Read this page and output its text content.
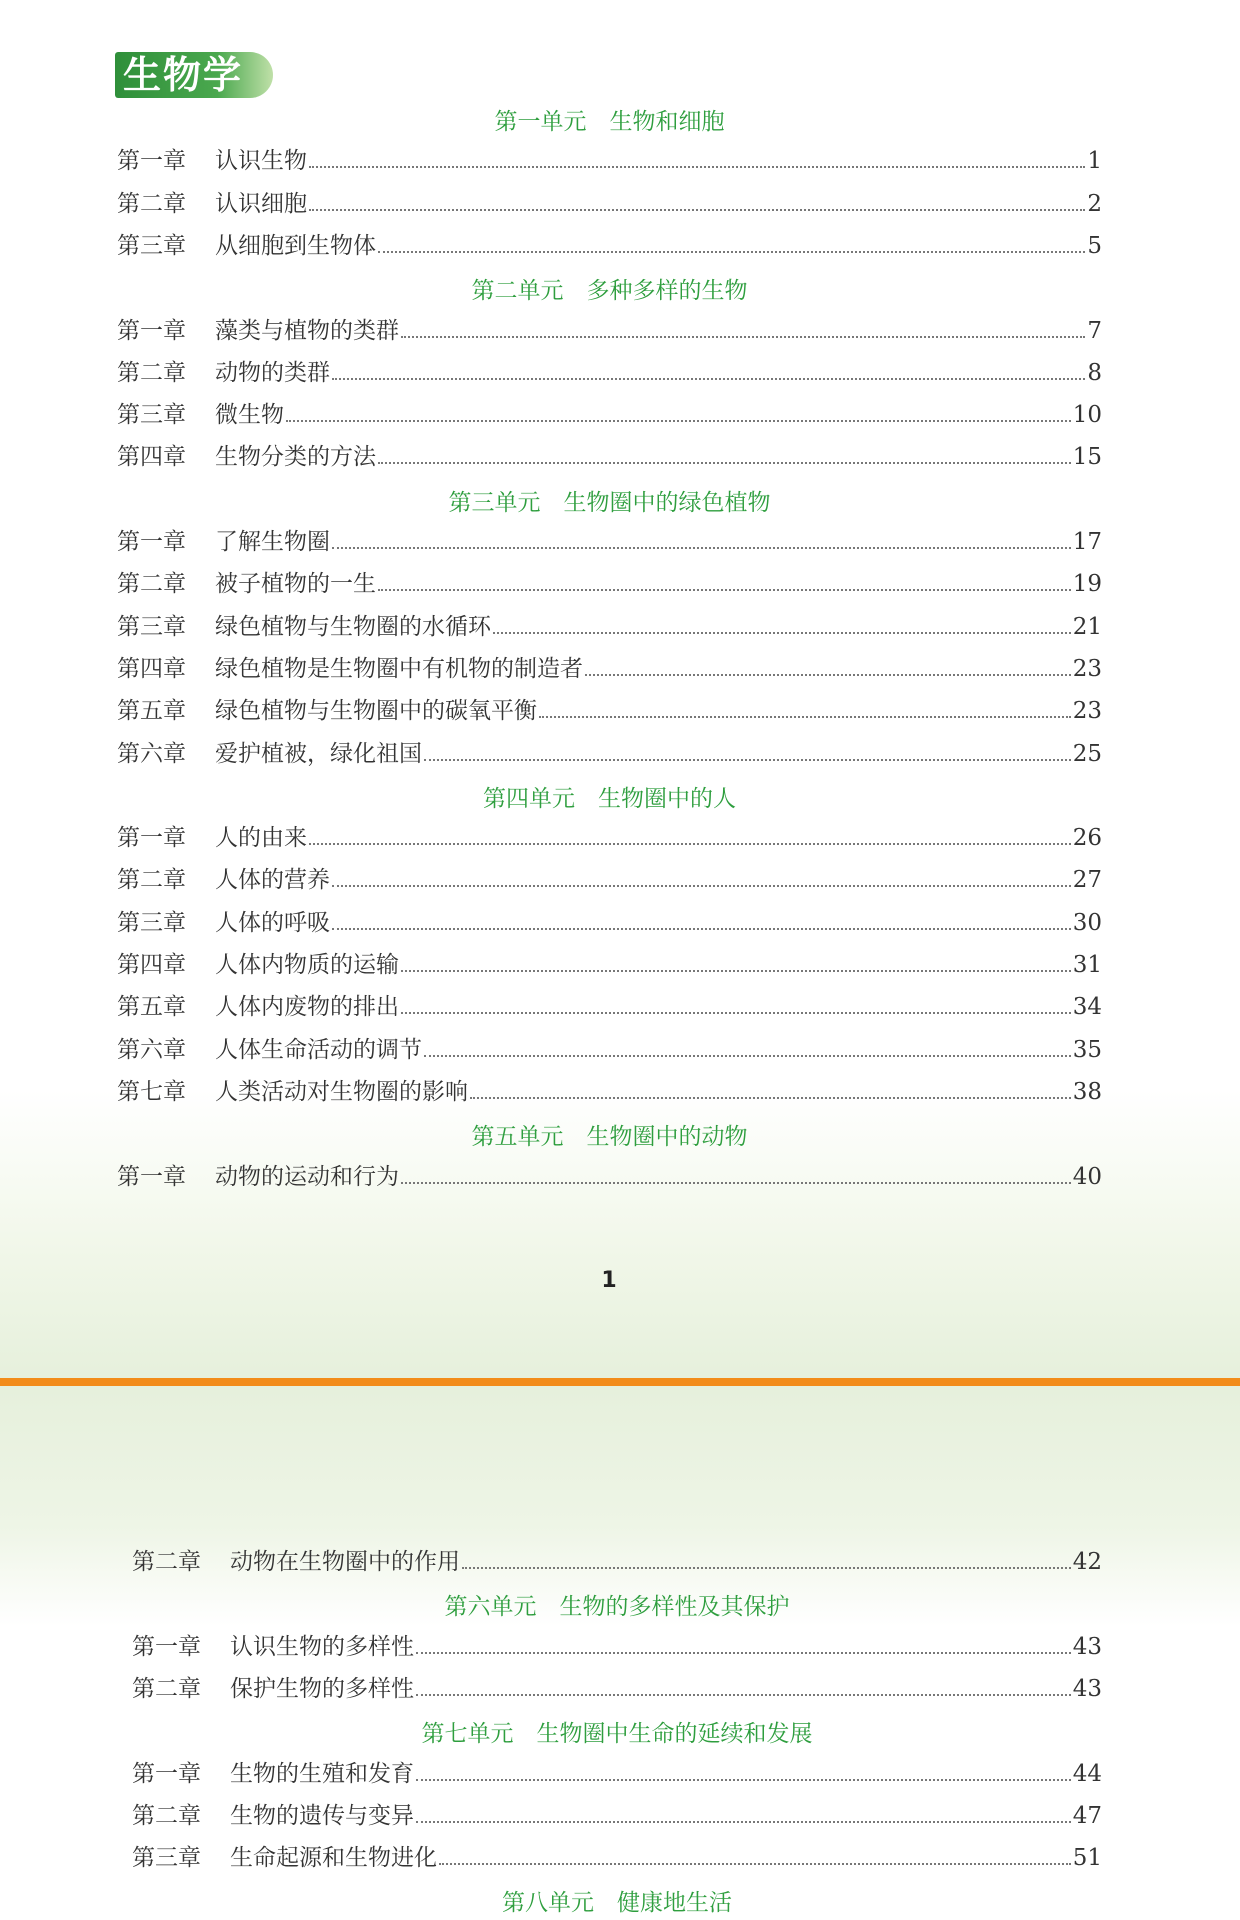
生物学
第一单元　生物和细胞
第一章	认识生物	1
第二章	认识细胞	2
第三章	从细胞到生物体	5
第二单元　多种多样的生物
第一章	藻类与植物的类群	7
第二章	动物的类群	8
第三章	微生物	10
第四章	生物分类的方法	15
第三单元　生物圈中的绿色植物
第一章	了解生物圈	17
第二章	被子植物的一生	19
第三章	绿色植物与生物圈的水循环	21
第四章	绿色植物是生物圈中有机物的制造者	23
第五章	绿色植物与生物圈中的碳氧平衡	23
第六章	爱护植被，绿化祖国	25
第四单元　生物圈中的人
第一章	人的由来	26
第二章	人体的营养	27
第三章	人体的呼吸	30
第四章	人体内物质的运输	31
第五章	人体内废物的排出	34
第六章	人体生命活动的调节	35
第七章	人类活动对生物圈的影响	38
第五单元　生物圈中的动物
第一章	动物的运动和行为	40
1
第二章	动物在生物圈中的作用	42
第六单元　生物的多样性及其保护
第一章	认识生物的多样性	43
第二章	保护生物的多样性	43
第七单元　生物圈中生命的延续和发展
第一章	生物的生殖和发育	44
第二章	生物的遗传与变异	47
第三章	生命起源和生物进化	51
第八单元　健康地生活
